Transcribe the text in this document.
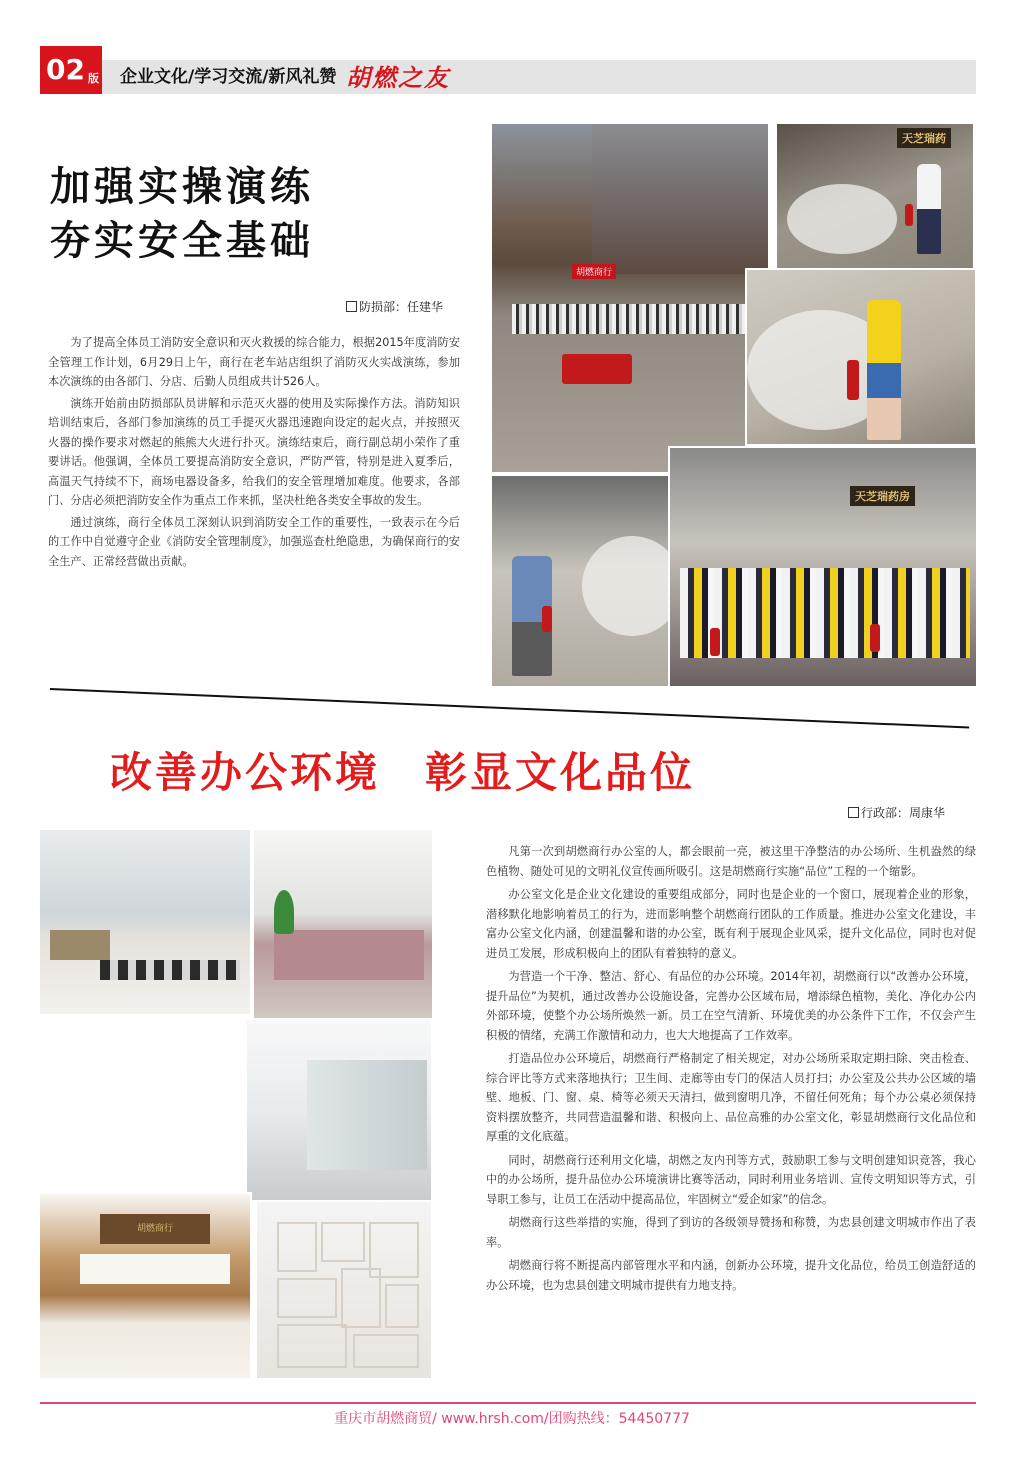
02 版 企业文化/学习交流/新风礼赞 胡燃之友
加强实操演练
夯实安全基础
防损部：任建华

为了提高全体员工消防安全意识和灭火救援的综合能力，根据2015年度消防安全管理工作计划，6月29日上午，商行在老车站店组织了消防灭火实战演练，参加本次演练的由各部门、分店、后勤人员组成共计526人。

演练开始前由防损部队员讲解和示范灭火器的使用及实际操作方法。消防知识培训结束后，各部门参加演练的员工手提灭火器迅速跑向设定的起火点，并按照灭火器的操作要求对燃起的熊熊大火进行扑灭。演练结束后，商行副总胡小荣作了重要讲话。他强调，全体员工要提高消防安全意识，严防严管，特别是进入夏季后，高温天气持续不下，商场电器设备多，给我们的安全管理增加难度。他要求，各部门、分店必须把消防安全作为重点工作来抓，坚决杜绝各类安全事故的发生。

通过演练，商行全体员工深刻认识到消防安全工作的重要性，一致表示在今后的工作中自觉遵守企业《消防安全管理制度》，加强巡查杜绝隐患，为确保商行的安全生产、正常经营做出贡献。

胡燃商行
天芝瑞药
天芝瑞药房
改善办公环境　彰显文化品位
行政部：周康华
胡燃商行

凡第一次到胡燃商行办公室的人，都会眼前一亮，被这里干净整洁的办公场所、生机盎然的绿色植物、随处可见的文明礼仪宣传画所吸引。这是胡燃商行实施“品位”工程的一个缩影。

办公室文化是企业文化建设的重要组成部分，同时也是企业的一个窗口，展现着企业的形象，潜移默化地影响着员工的行为，进而影响整个胡燃商行团队的工作质量。推进办公室文化建设，丰富办公室文化内涵，创建温馨和谐的办公室，既有利于展现企业风采，提升文化品位，同时也对促进员工发展，形成积极向上的团队有着独特的意义。

为营造一个干净、整洁、舒心、有品位的办公环境。2014年初，胡燃商行以“改善办公环境，提升品位”为契机，通过改善办公设施设备，完善办公区域布局，增添绿色植物，美化、净化办公内外部环境，使整个办公场所焕然一新。员工在空气清新、环境优美的办公条件下工作，不仅会产生积极的情绪，充满工作激情和动力，也大大地提高了工作效率。

打造品位办公环境后，胡燃商行严格制定了相关规定，对办公场所采取定期扫除、突击检查、综合评比等方式来落地执行；卫生间、走廊等由专门的保洁人员打扫；办公室及公共办公区域的墙壁、地板、门、窗、桌、椅等必须天天清扫，做到窗明几净，不留任何死角；每个办公桌必须保持资料摆放整齐，共同营造温馨和谐、积极向上、品位高雅的办公室文化，彰显胡燃商行文化品位和厚重的文化底蕴。

同时，胡燃商行还利用文化墙，胡燃之友内刊等方式，鼓励职工参与文明创建知识竞答，我心中的办公场所，提升品位办公环境演讲比赛等活动，同时利用业务培训、宣传文明知识等方式，引导职工参与，让员工在活动中提高品位，牢固树立“爱企如家”的信念。

胡燃商行这些举措的实施，得到了到访的各级领导赞扬和称赞，为忠县创建文明城市作出了表率。

胡燃商行将不断提高内部管理水平和内涵，创新办公环境，提升文化品位，给员工创造舒适的办公环境，也为忠县创建文明城市提供有力地支持。

重庆市胡燃商贸/ www.hrsh.com/团购热线：54450777
